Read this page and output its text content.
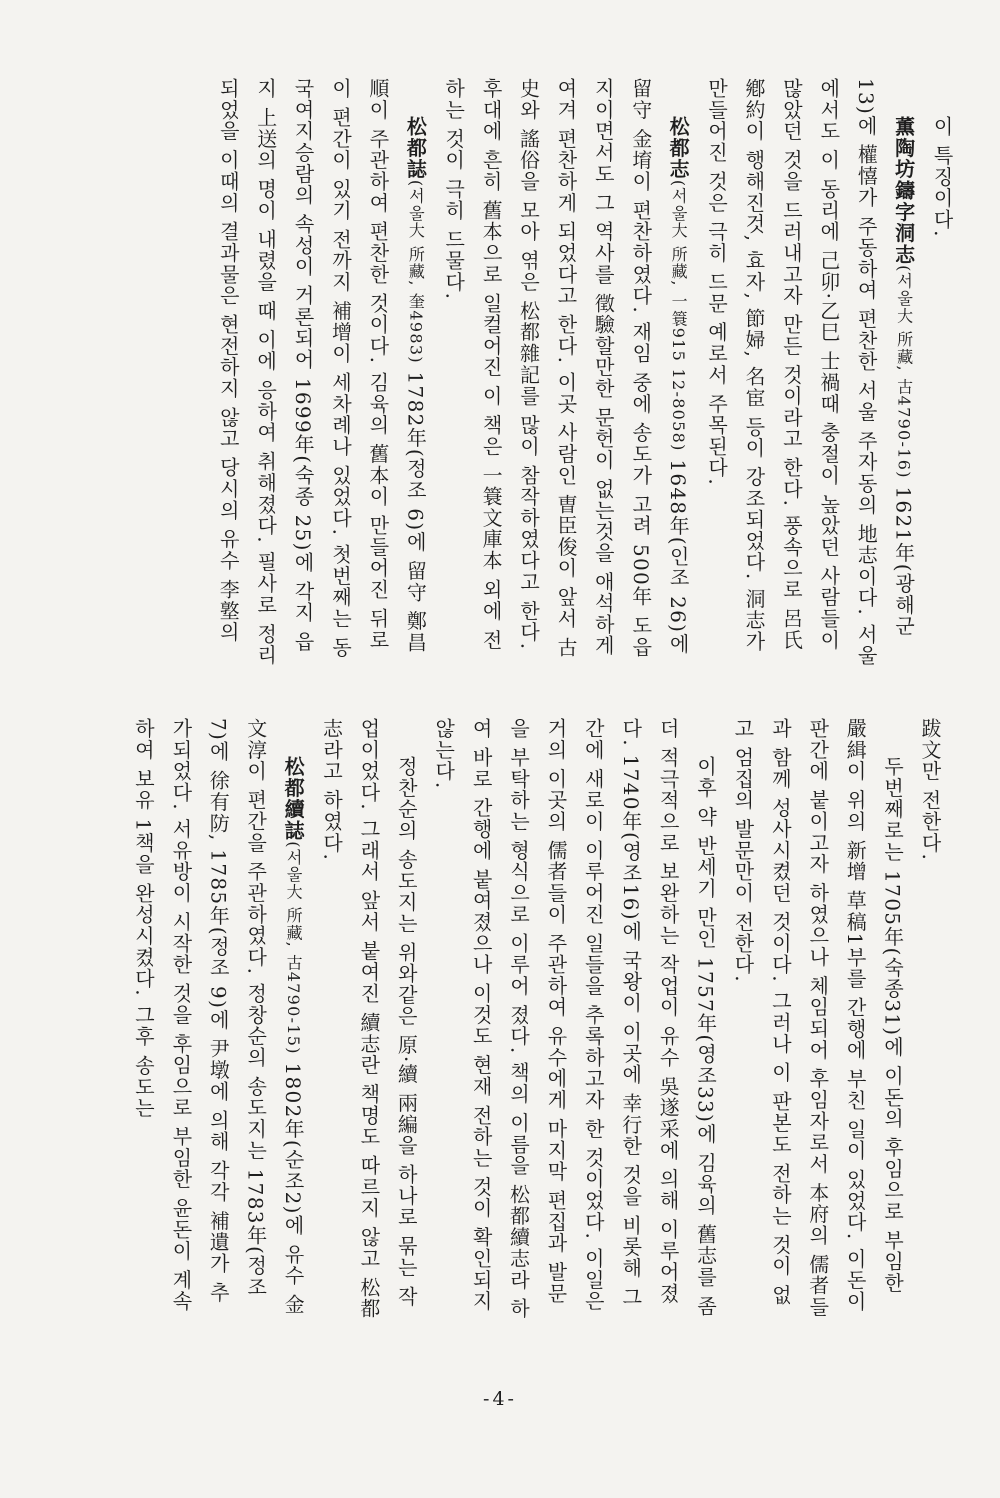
이 특징이다.

薫陶坊鑄字洞志(서울大 所藏, 古4790-16) 1621年(광해군 13)에 權憘가 주동하여 편찬한 서울 주자동의 地志이다. 서울에서도 이 동리에 己卯·乙巳 士禍때 충절이 높았던 사람들이 많았던 것을 드러내고자 만든 것이라고 한다. 풍속으로 呂氏鄕約이 행해진것, 효자, 節婦, 名宦 등이 강조되었다. 洞志가 만들어진 것은 극히 드문 예로서 주목된다.

松都志(서울大 所藏, 一簑915 12-8058) 1648年(인조 26)에 留守 金堉이 편찬하였다. 재임 중에 송도가 고려 500年 도읍지이면서도 그 역사를 徵驗할만한 문헌이 없는것을 애석하게 여겨 편찬하게 되었다고 한다. 이곳 사람인 曺臣俊이 앞서 古史와 謠俗을 모아 엮은 松都雜記를 많이 참작하였다고 한다. 후대에 흔히 舊本으로 일컬어진 이 책은 一簑文庫本 외에 전하는 것이 극히 드물다.

松都誌(서울大 所藏, 奎4983) 1782年(정조 6)에 留守 鄭昌順이 주관하여 편찬한 것이다. 김육의 舊本이 만들어진 뒤로 이 편간이 있기 전까지 補增이 세차례나 있었다. 첫번째는 동국여지승람의 속성이 거론되어 1699年(숙종 25)에 각지 읍지 上送의 명이 내렸을 때 이에 응하여 취해졌다. 필사로 정리되었을 이때의 결과물은 현전하지 않고 당시의 유수 李墪의

跋文만 전한다.

두번째로는 1705年(숙종31)에 이돈의 후임으로 부임한 嚴緝이 위의 新增 草稿1부를 간행에 부친 일이 있었다. 이돈이 판간에 붙이고자 하였으나 체임되어 후임자로서 本府의 儒者들과 함께 성사시켰던 것이다. 그러나 이 판본도 전하는 것이 없고 엄집의 발문만이 전한다.

이후 약 반세기 만인 1757年(영조33)에 김육의 舊志를 좀더 적극적으로 보완하는 작업이 유수 吳遂采에 의해 이루어졌다. 1740年(영조16)에 국왕이 이곳에 幸行한 것을 비롯해 그간에 새로이 이루어진 일들을 추록하고자 한 것이었다. 이일은 거의 이곳의 儒者들이 주관하여 유수에게 마지막 편집과 발문을 부탁하는 형식으로 이루어 졌다. 책의 이름을 松都續志라 하여 바로 간행에 붙여졌으나 이것도 현재 전하는 것이 확인되지 않는다.

정찬순의 송도지는 위와같은 原·續 兩編을 하나로 묶는 작업이었다. 그래서 앞서 붙여진 續志란 책명도 따르지 않고 松都志라고 하였다.

松都續誌(서울大 所藏, 古4790-15) 1802年(순조2)에 유수 金文淳이 편간을 주관하였다. 정창순의 송도지는 1783年(정조 7)에 徐有防, 1785年(정조 9)에 尹墩에 의해 각각 補遺가 추가되었다. 서유방이 시작한 것을 후임으로 부임한 윤돈이 계속하여 보유 1책을 완성시켰다. 그후 송도는

-4-
